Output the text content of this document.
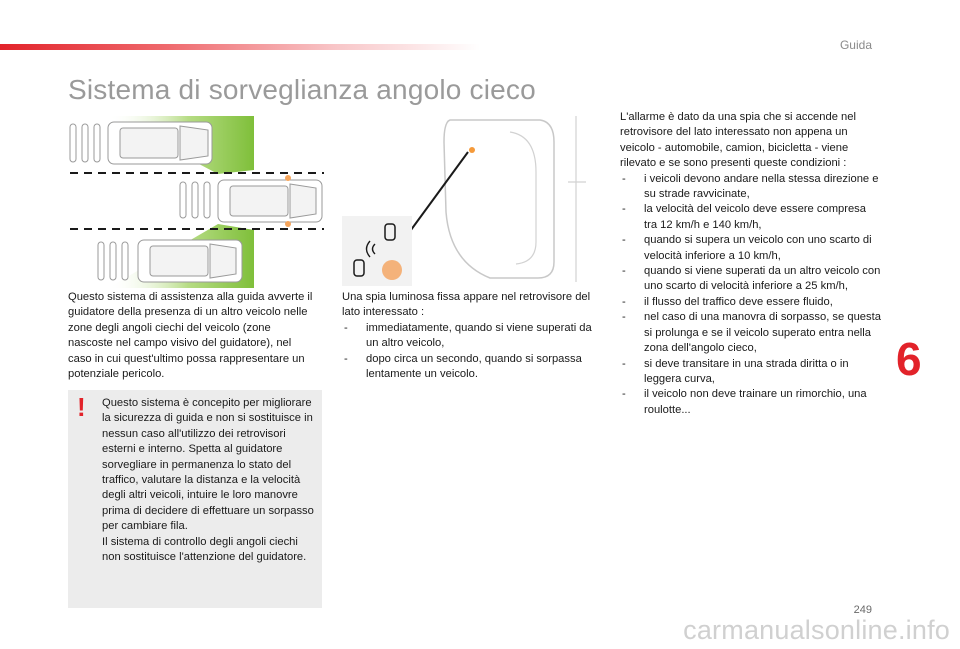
Guida
Sistema di sorveglianza angolo cieco
Questo sistema di assistenza alla guida avverte il guidatore della presenza di un altro veicolo nelle zone degli angoli ciechi del veicolo (zone nascoste nel campo visivo del guidatore), nel caso in cui quest'ultimo possa rappresentare un potenziale pericolo.
! Questo sistema è concepito per migliorare la sicurezza di guida e non si sostituisce in nessun caso all'utilizzo dei retrovisori esterni e interno. Spetta al guidatore sorvegliare in permanenza lo stato del traffico, valutare la distanza e la velocità degli altri veicoli, intuire le loro manovre prima di decidere di effettuare un sorpasso per cambiare fila.
Il sistema di controllo degli angoli ciechi non sostituisce l'attenzione del guidatore.
Una spia luminosa fissa appare nel retrovisore del lato interessato :
- immediatamente, quando si viene superati da un altro veicolo,
- dopo circa un secondo, quando si sorpassa lentamente un veicolo.
L'allarme è dato da una spia che si accende nel retrovisore del lato interessato non appena un veicolo - automobile, camion, bicicletta - viene rilevato e se sono presenti queste condizioni :
- i veicoli devono andare nella stessa direzione e su strade ravvicinate,
- la velocità del veicolo deve essere compresa tra 12 km/h e 140 km/h,
- quando si supera un veicolo con uno scarto di velocità inferiore a 10 km/h,
- quando si viene superati da un altro veicolo con uno scarto di velocità inferiore a 25 km/h,
- il flusso del traffico deve essere fluido,
- nel caso di una manovra di sorpasso, se questa si prolunga e se il veicolo superato entra nella zona dell'angolo cieco,
- si deve transitare in una strada diritta o in leggera curva,
- il veicolo non deve trainare un rimorchio, una roulotte...
6
249
carmanualsonline.info
